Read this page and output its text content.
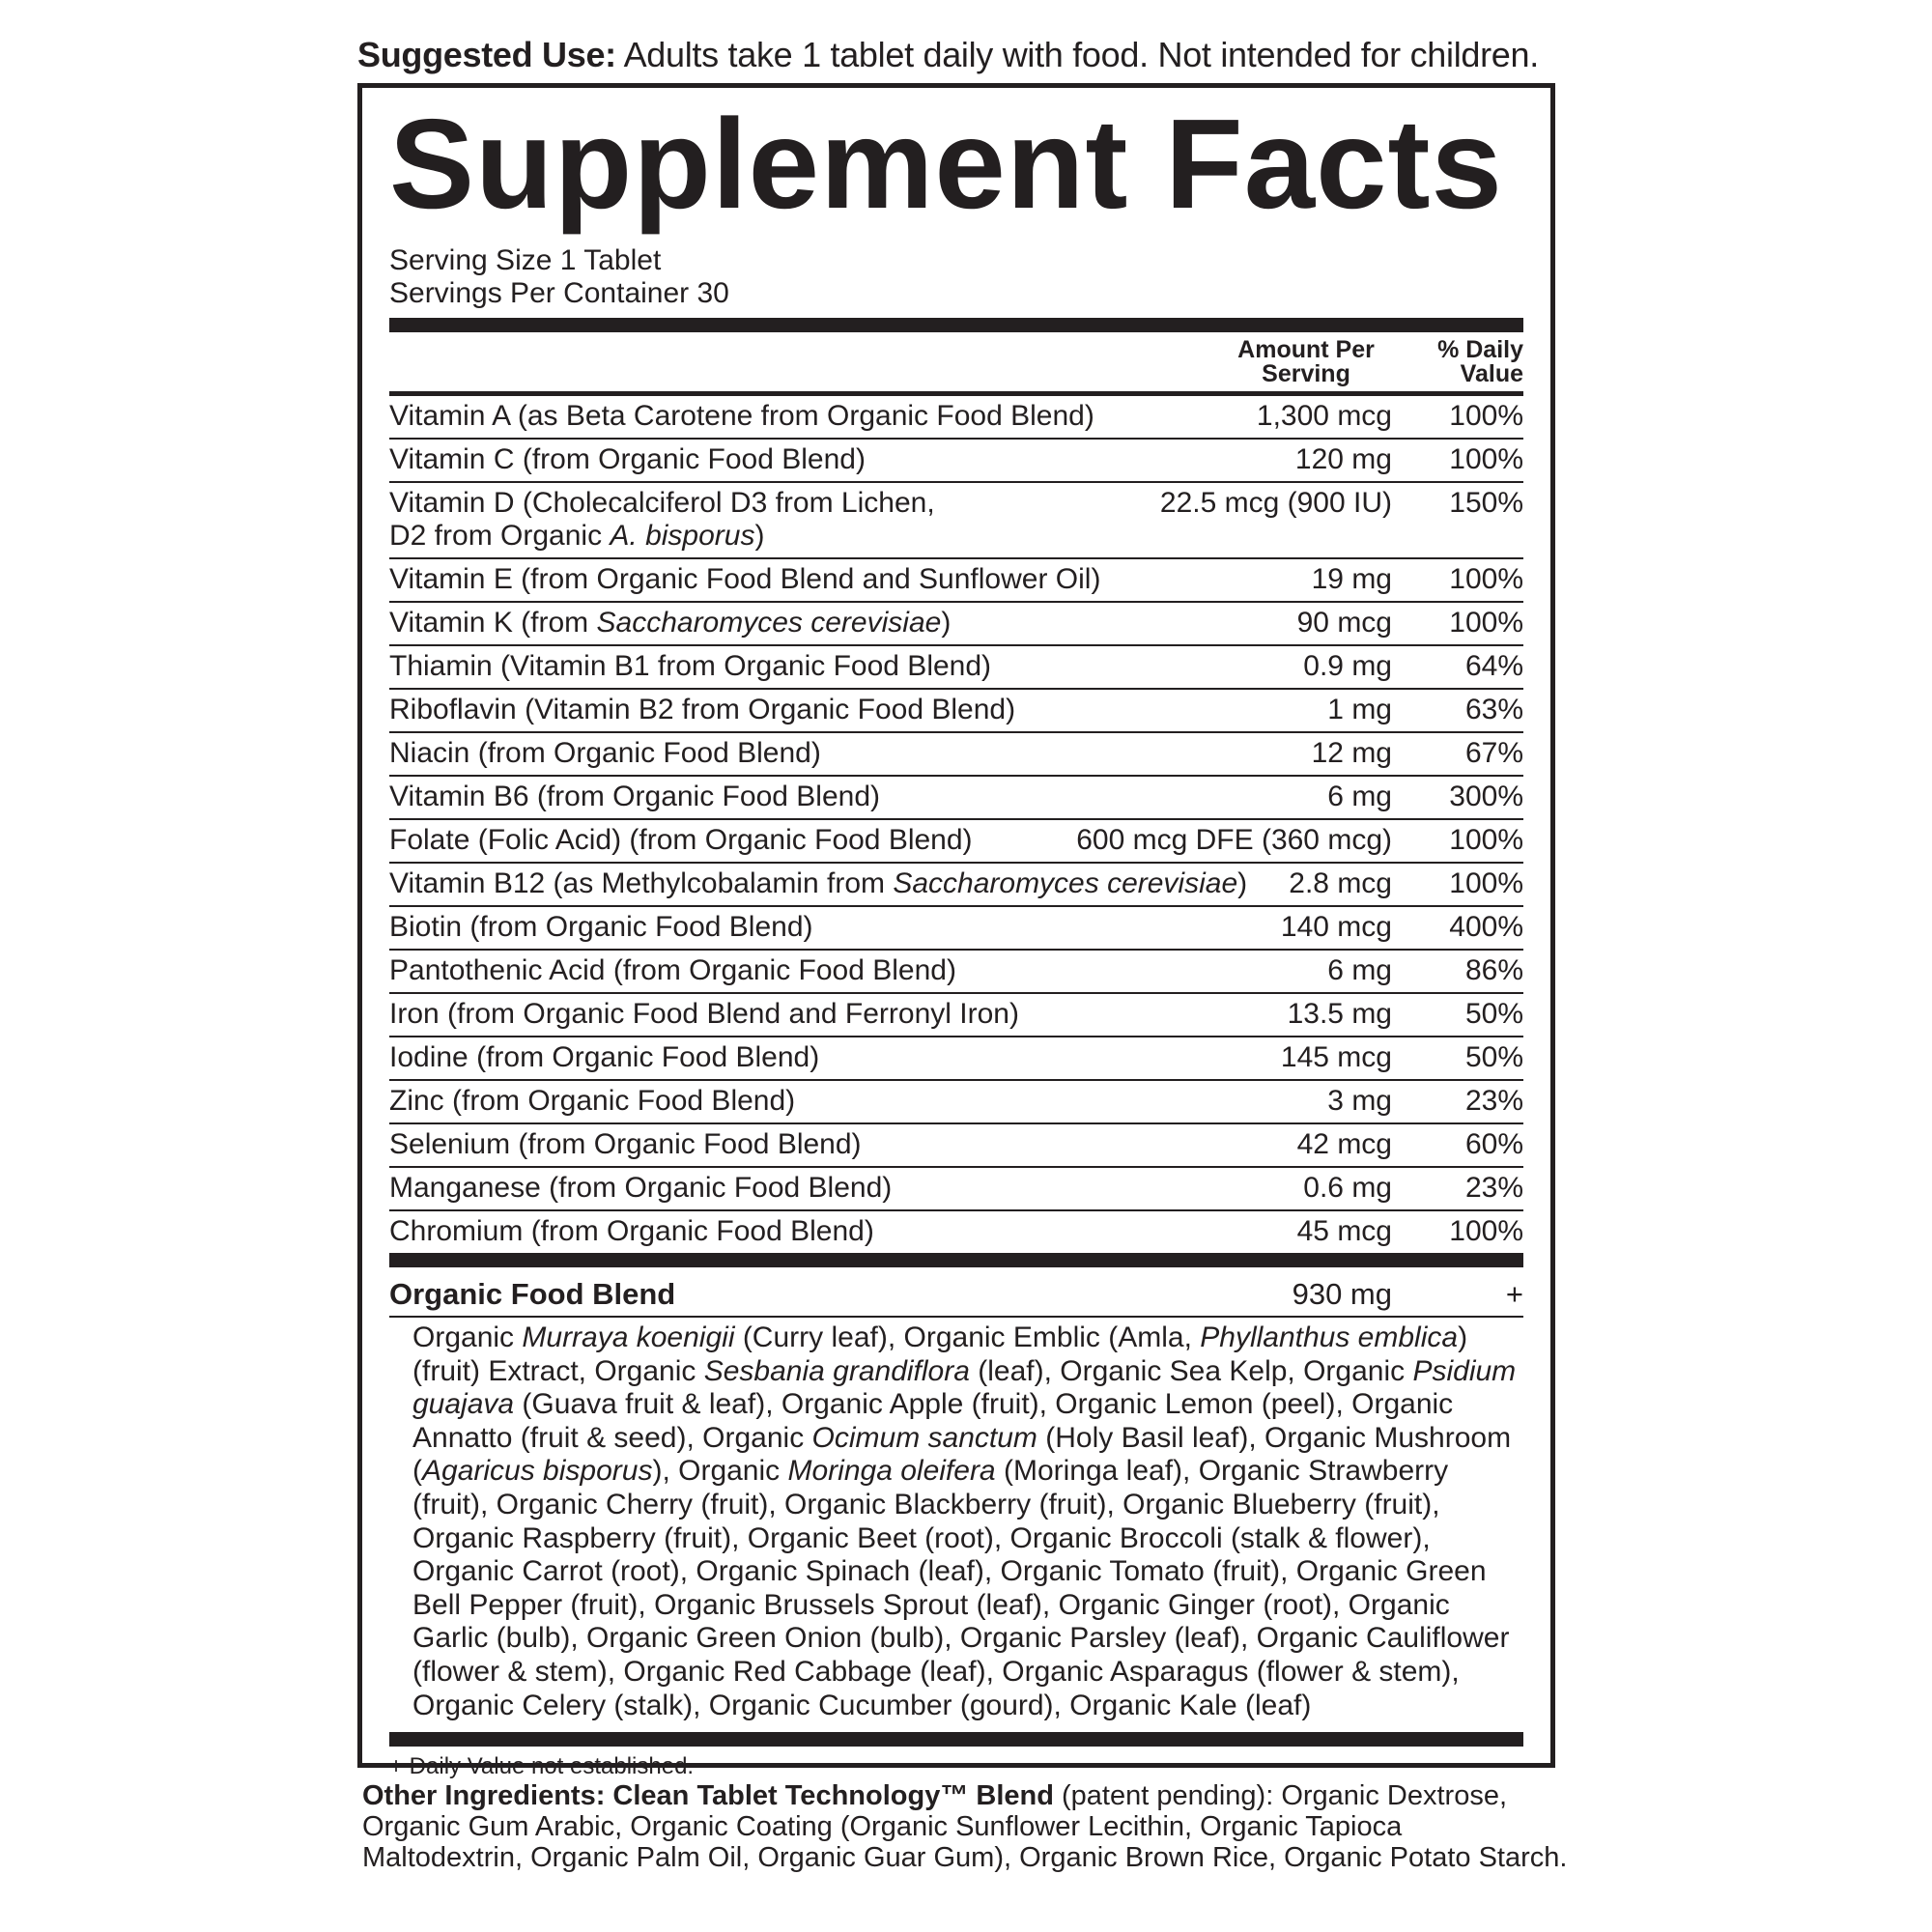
Suggested Use: Adults take 1 tablet daily with food. Not intended for children.
Supplement Facts
Serving Size 1 Tablet
Servings Per Container 30
Amount Per
Serving
% Daily
Value
Vitamin A (as Beta Carotene from Organic Food Blend)	1,300 mcg	100%
Vitamin C (from Organic Food Blend)	120 mg	100%
Vitamin D (Cholecalciferol D3 from Lichen,
D2 from Organic A. bisporus)
22.5 mcg (900 IU)	150%
Vitamin E (from Organic Food Blend and Sunflower Oil)	19 mg	100%
Vitamin K (from Saccharomyces cerevisiae)	90 mcg	100%
Thiamin (Vitamin B1 from Organic Food Blend)	0.9 mg	64%
Riboflavin (Vitamin B2 from Organic Food Blend)	1 mg	63%
Niacin (from Organic Food Blend)	12 mg	67%
Vitamin B6 (from Organic Food Blend)	6 mg	300%
Folate (Folic Acid) (from Organic Food Blend)	600 mcg DFE (360 mcg)	100%
Vitamin B12 (as Methylcobalamin from Saccharomyces cerevisiae)	2.8 mcg	100%
Biotin (from Organic Food Blend)	140 mcg	400%
Pantothenic Acid (from Organic Food Blend)	6 mg	86%
Iron (from Organic Food Blend and Ferronyl Iron)	13.5 mg	50%
Iodine (from Organic Food Blend)	145 mcg	50%
Zinc (from Organic Food Blend)	3 mg	23%
Selenium (from Organic Food Blend)	42 mcg	60%
Manganese (from Organic Food Blend)	0.6 mg	23%
Chromium (from Organic Food Blend)	45 mcg	100%
Organic Food Blend	930 mg	+
Organic Murraya koenigii (Curry leaf), Organic Emblic (Amla, Phyllanthus emblica) (fruit) Extract, Organic Sesbania grandiflora (leaf), Organic Sea Kelp, Organic Psidium guajava (Guava fruit & leaf), Organic Apple (fruit), Organic Lemon (peel), Organic Annatto (fruit & seed), Organic Ocimum sanctum (Holy Basil leaf), Organic Mushroom (Agaricus bisporus), Organic Moringa oleifera (Moringa leaf), Organic Strawberry (fruit), Organic Cherry (fruit), Organic Blackberry (fruit), Organic Blueberry (fruit), Organic Raspberry (fruit), Organic Beet (root), Organic Broccoli (stalk & flower), Organic Carrot (root), Organic Spinach (leaf), Organic Tomato (fruit), Organic Green Bell Pepper (fruit), Organic Brussels Sprout (leaf), Organic Ginger (root), Organic Garlic (bulb), Organic Green Onion (bulb), Organic Parsley (leaf), Organic Cauliflower (flower & stem), Organic Red Cabbage (leaf), Organic Asparagus (flower & stem), Organic Celery (stalk), Organic Cucumber (gourd), Organic Kale (leaf)
+ Daily Value not established.
Other Ingredients: Clean Tablet Technology™ Blend (patent pending): Organic Dextrose, Organic Gum Arabic, Organic Coating (Organic Sunflower Lecithin, Organic Tapioca Maltodextrin, Organic Palm Oil, Organic Guar Gum), Organic Brown Rice, Organic Potato Starch.
